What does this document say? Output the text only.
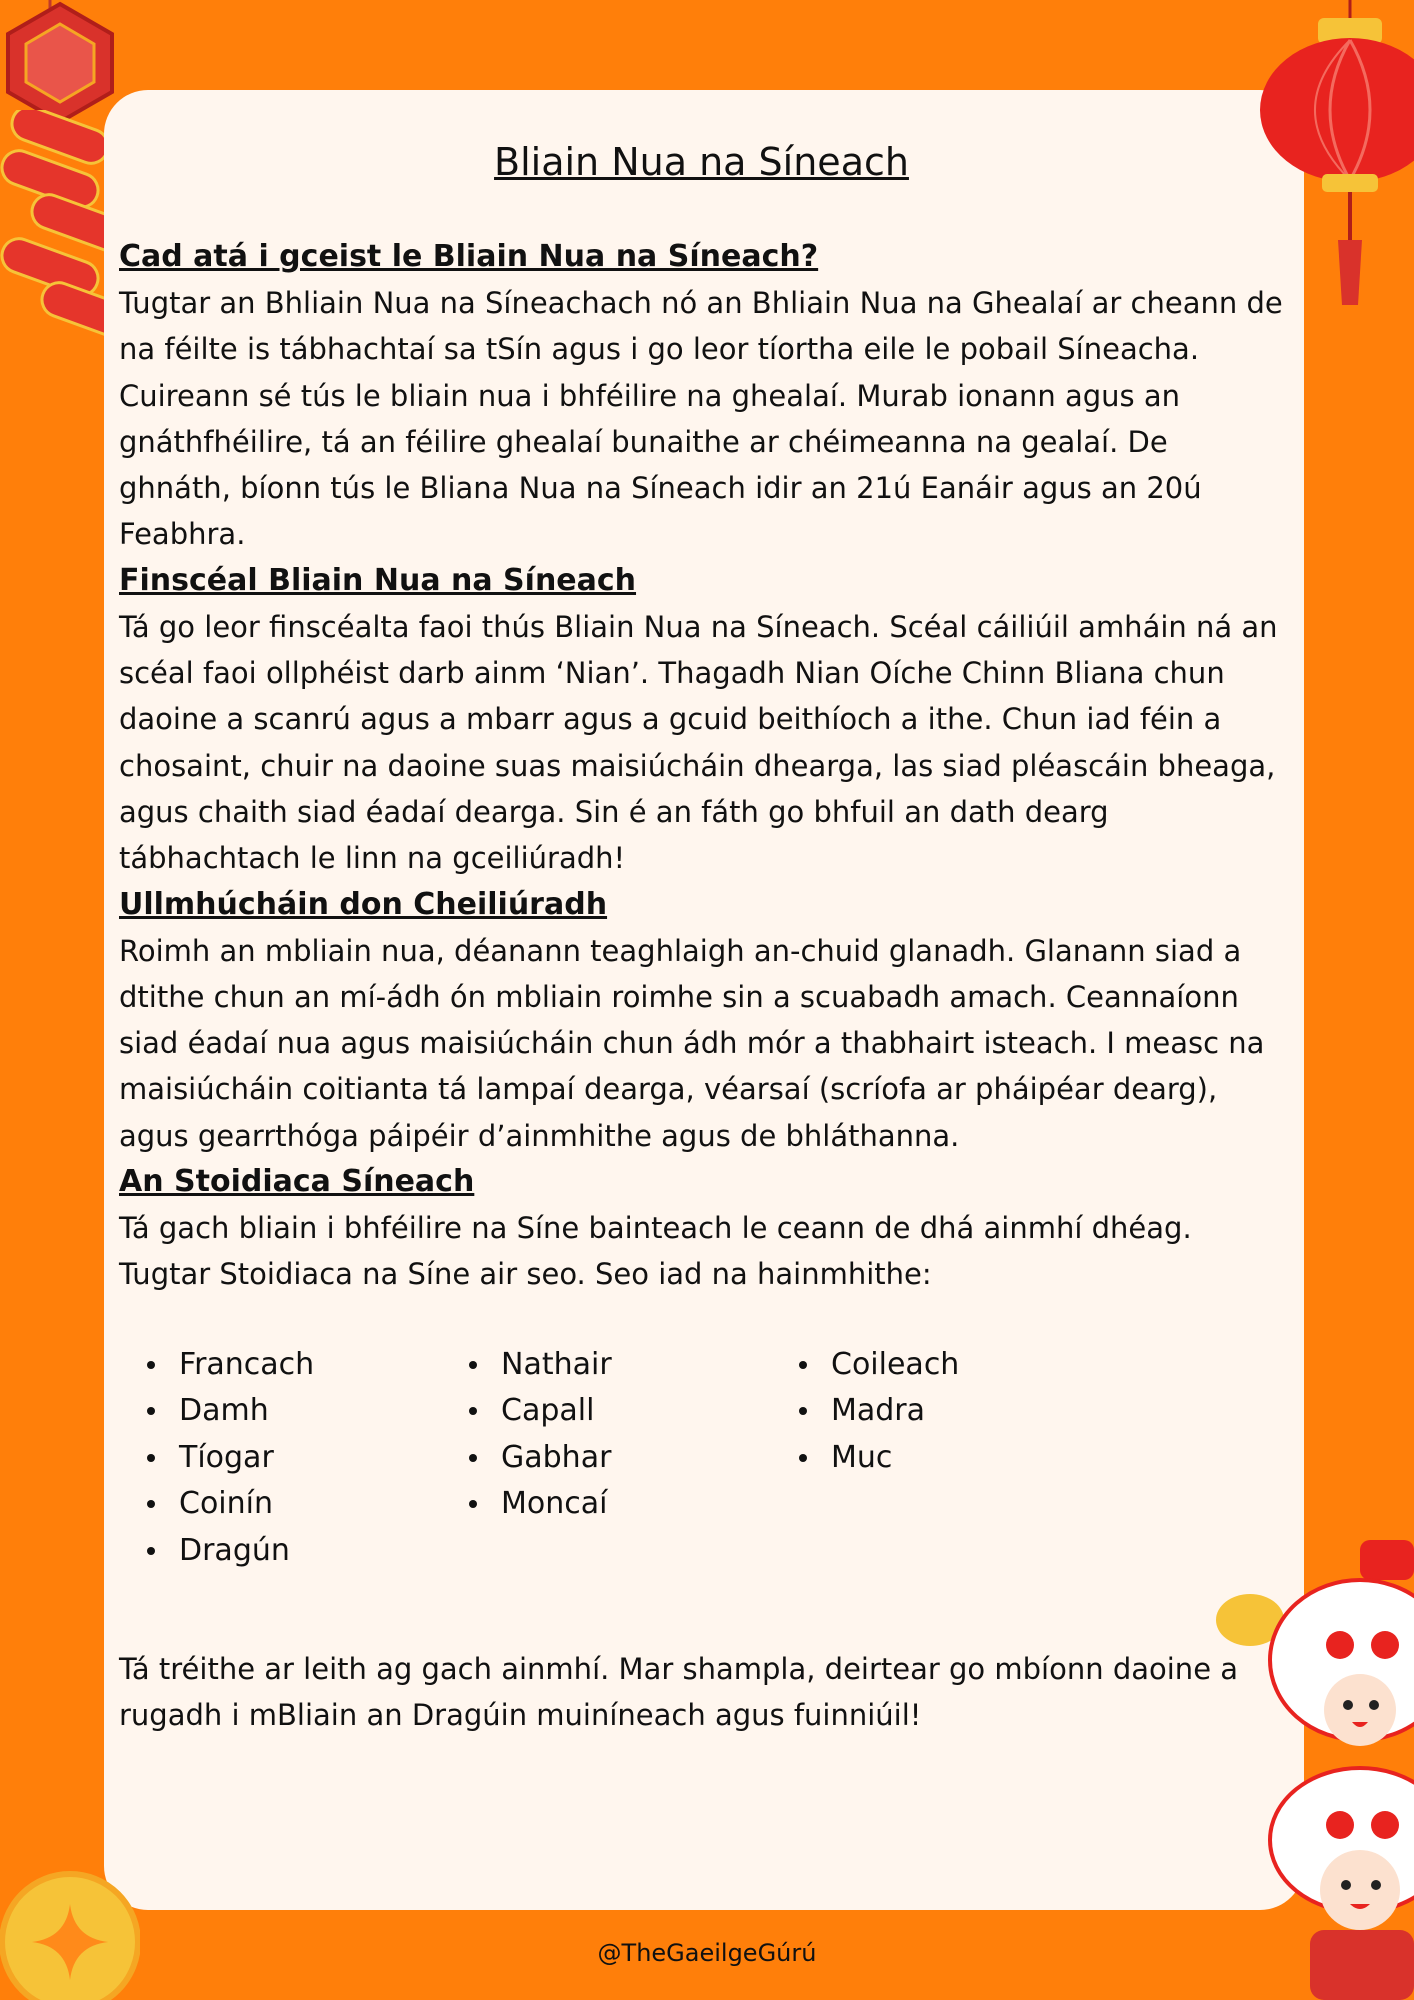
Bliain Nua na Síneach
Cad atá i gceist le Bliain Nua na Síneach?

Tugtar an Bhliain Nua na Síneachach nó an Bhliain Nua na Ghealaí ar cheann de na féilte is tábhachtaí sa tSín agus i go leor tíortha eile le pobail Síneacha. Cuireann sé tús le bliain nua i bhféilire na ghealaí. Murab ionann agus an gnáthfhéilire, tá an féilire ghealaí bunaithe ar chéimeanna na gealaí. De ghnáth, bíonn tús le Bliana Nua na Síneach idir an 21ú Eanáir agus an 20ú Feabhra.

Finscéal Bliain Nua na Síneach

Tá go leor finscéalta faoi thús Bliain Nua na Síneach. Scéal cáiliúil amháin ná an scéal faoi ollphéist darb ainm ‘Nian’. Thagadh Nian Oíche Chinn Bliana chun daoine a scanrú agus a mbarr agus a gcuid beithíoch a ithe. Chun iad féin a chosaint, chuir na daoine suas maisiúcháin dhearga, las siad pléascáin bheaga, agus chaith siad éadaí dearga. Sin é an fáth go bhfuil an dath dearg tábhachtach le linn na gceiliúradh!

Ullmhúcháin don Cheiliúradh

Roimh an mbliain nua, déanann teaghlaigh an-chuid glanadh. Glanann siad a dtithe chun an mí-ádh ón mbliain roimhe sin a scuabadh amach. Ceannaíonn siad éadaí nua agus maisiúcháin chun ádh mór a thabhairt isteach. I measc na maisiúcháin coitianta tá lampaí dearga, véarsaí (scríofa ar pháipéar dearg), agus gearrthóga páipéir d’ainmhithe agus de bhláthanna.

An Stoidiaca Síneach

Tá gach bliain i bhféilire na Síne bainteach le ceann de dhá ainmhí dhéag. Tugtar Stoidiaca na Síne air seo. Seo iad na hainmhithe:

Francach
Damh
Tíogar
Coinín
Dragún
Nathair
Capall
Gabhar
Moncaí
Coileach
Madra
Muc

Tá tréithe ar leith ag gach ainmhí. Mar shampla, deirtear go mbíonn daoine a rugadh i mBliain an Dragúin muiníneach agus fuinniúil!

@TheGaeilgeGúrú
